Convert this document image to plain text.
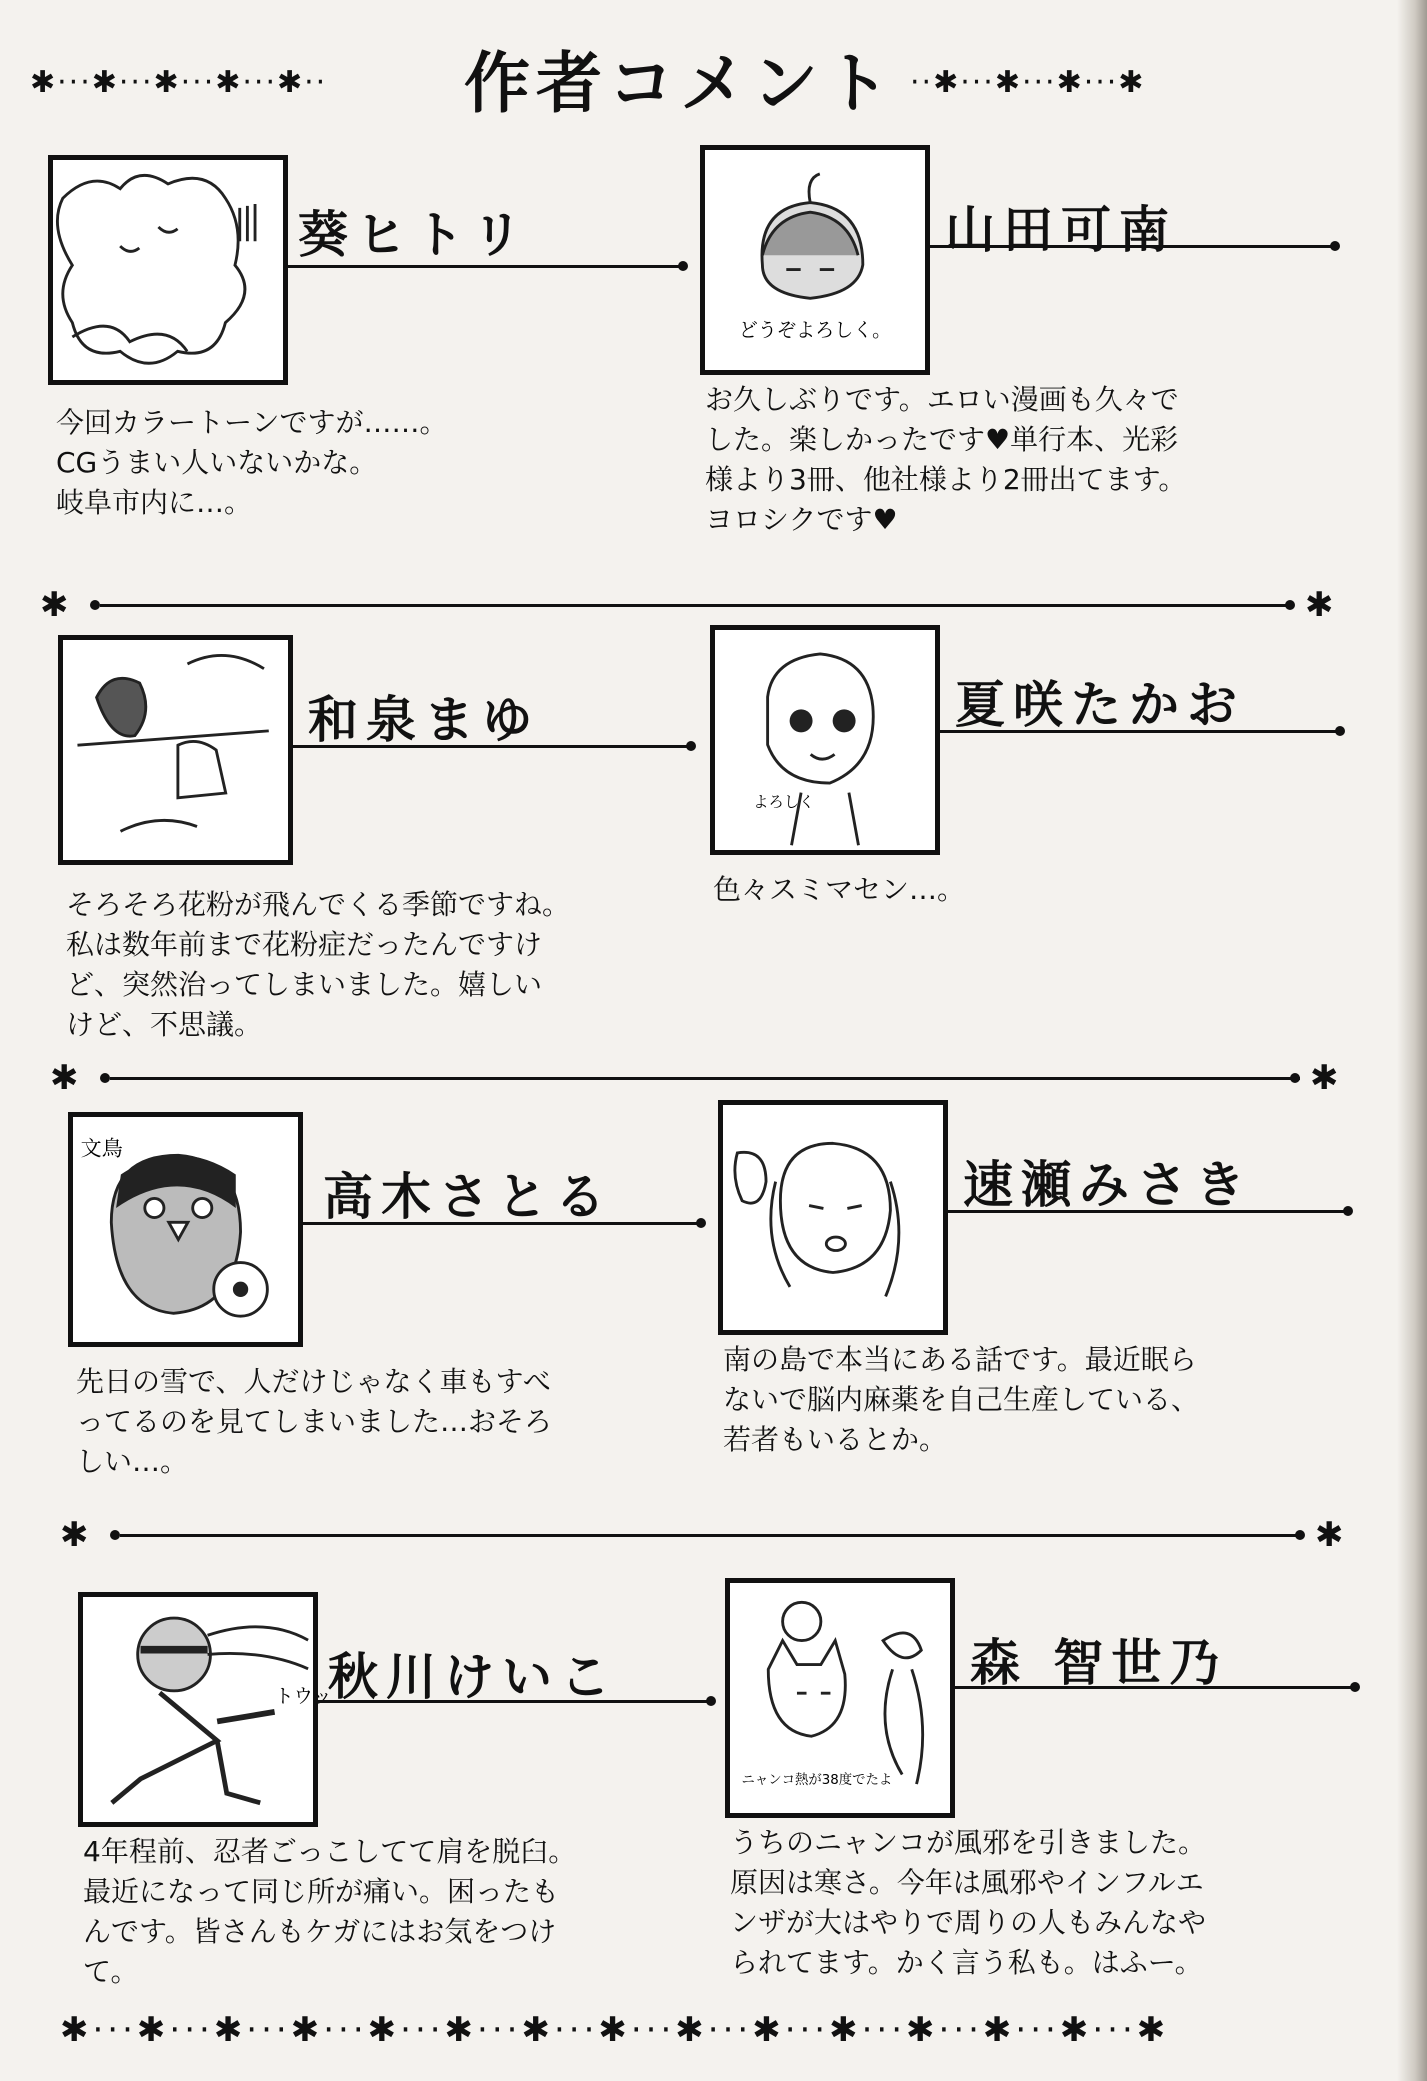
✱···✱···✱···✱···✱·· 作者コメント ··✱···✱···✱···✱
葵ヒトリ
今回カラートーンですが……。
CGうまい人いないかな。
岐阜市内に…。
どうぞよろしく。
山田可南
お久しぶりです。エロい漫画も久々で
した。楽しかったです♥単行本、光彩
様より3冊、他社様より2冊出てます。
ヨロシクです♥
✱	✱
和泉まゆ
そろそろ花粉が飛んでくる季節ですね。
私は数年前まで花粉症だったんですけ
ど、突然治ってしまいました。嬉しい
けど、不思議。
よろしく
夏咲たかお
色々スミマセン…。
✱	✱
文鳥
高木さとる
先日の雪で、人だけじゃなく車もすべ
ってるのを見てしまいました…おそろ
しい…。
速瀬みさき
南の島で本当にある話です。最近眠ら
ないで脳内麻薬を自己生産している、
若者もいるとか。
✱	✱
トウッ
秋川けいこ
4年程前、忍者ごっこしてて肩を脱臼。
最近になって同じ所が痛い。困ったも
んです。皆さんもケガにはお気をつけ
て。
ニャンコ熱が38度でたよ
森 智世乃
うちのニャンコが風邪を引きました。
原因は寒さ。今年は風邪やインフルエ
ンザが大はやりで周りの人もみんなや
られてます。かく言う私も。はふー。
✱···✱···✱···✱···✱···✱···✱···✱···✱···✱···✱···✱···✱···✱···✱
